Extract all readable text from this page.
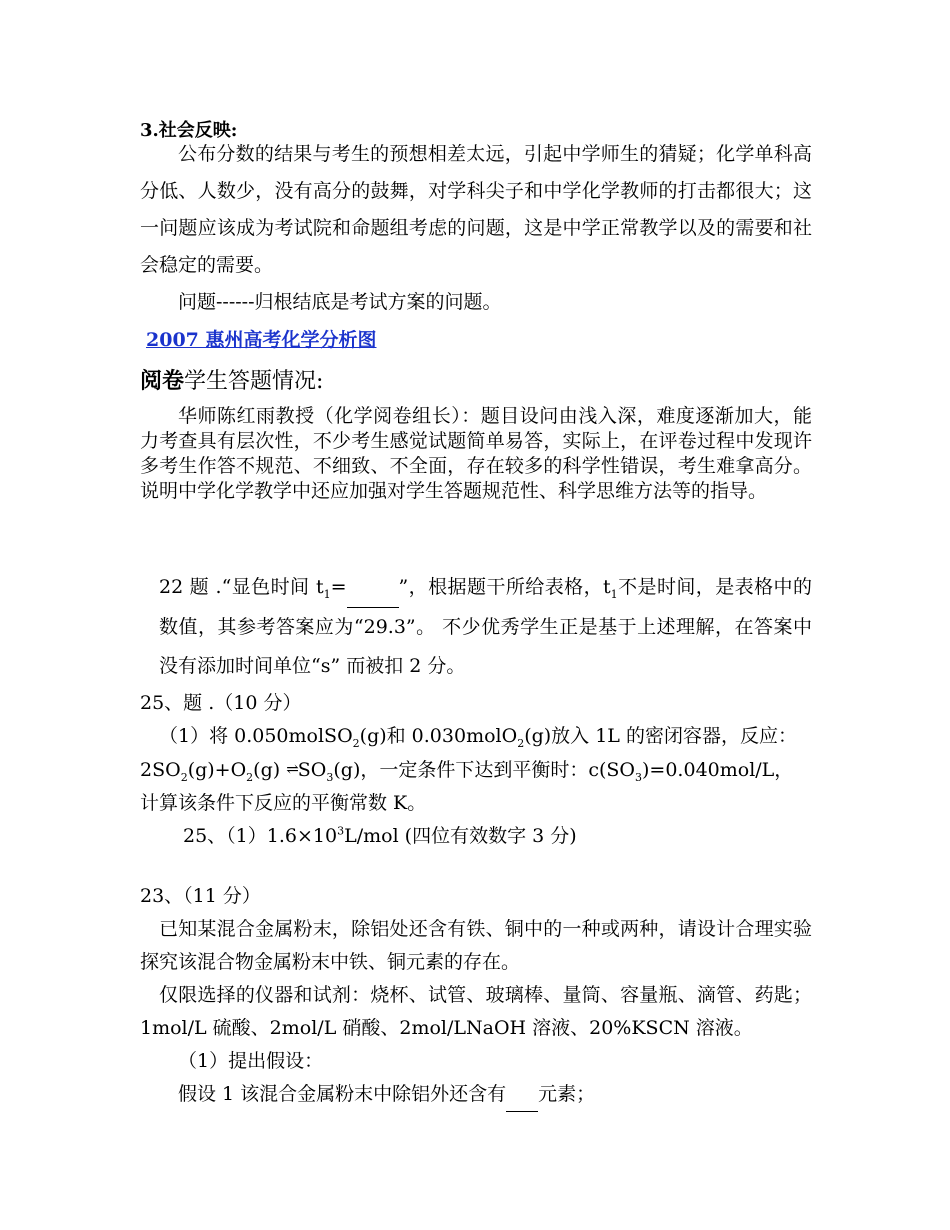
3.社会反映:
公布分数的结果与考生的预想相差太远，引起中学师生的猜疑；化学单科高分低、人数少，没有高分的鼓舞，对学科尖子和中学化学教师的打击都很大；这一问题应该成为考试院和命题组考虑的问题，这是中学正常教学以及的需要和社会稳定的需要。
问题------归根结底是考试方案的问题。
2007 惠州高考化学分析图
阅卷学生答题情况:
华师陈红雨教授（化学阅卷组长）：题目设问由浅入深，难度逐渐加大，能力考查具有层次性，不少考生感觉试题简单易答，实际上，在评卷过程中发现许多考生作答不规范、不细致、不全面，存在较多的科学性错误，考生难拿高分。说明中学化学教学中还应加强对学生答题规范性、科学思维方法等的指导。
22 题 .“显色时间 $t_1=$	”，根据题干所给表格，$t_1$不是时间，是表格中的数值，其参考答案应为“29.3”。 不少优秀学生正是基于上述理解，在答案中没有添加时间单位“s” 而被扣 2 分。
25、题 .（10 分）
（1）将 0.050molSO$_2$(g)和 0.030molO$_2$(g)放入 1L 的密闭容器，反应：
$2SO_2(g)+O_2(g)$ $\rightleftharpoons SO_3(g)$，一定条件下达到平衡时：$c(SO_3)=0.040mol/L$，计算该条件下反应的平衡常数 K。
25、$(1)1.6\times 10^3L$/mol (四位有效数字 3 分)
23、（11 分）
已知某混合金属粉末，除铝处还含有铁、铜中的一种或两种，请设计合理实验探究该混合物金属粉末中铁、铜元素的存在。
仅限选择的仪器和试剂：烧杯、试管、玻璃棒、量筒、容量瓶、滴管、药匙；1mol/L 硫酸、2mol/L 硝酸、2mol/LNaOH 溶液、20%KSCN 溶液。
（1）提出假设：
假设 1 该混合金属粉末中除铝外还含有 元素；
